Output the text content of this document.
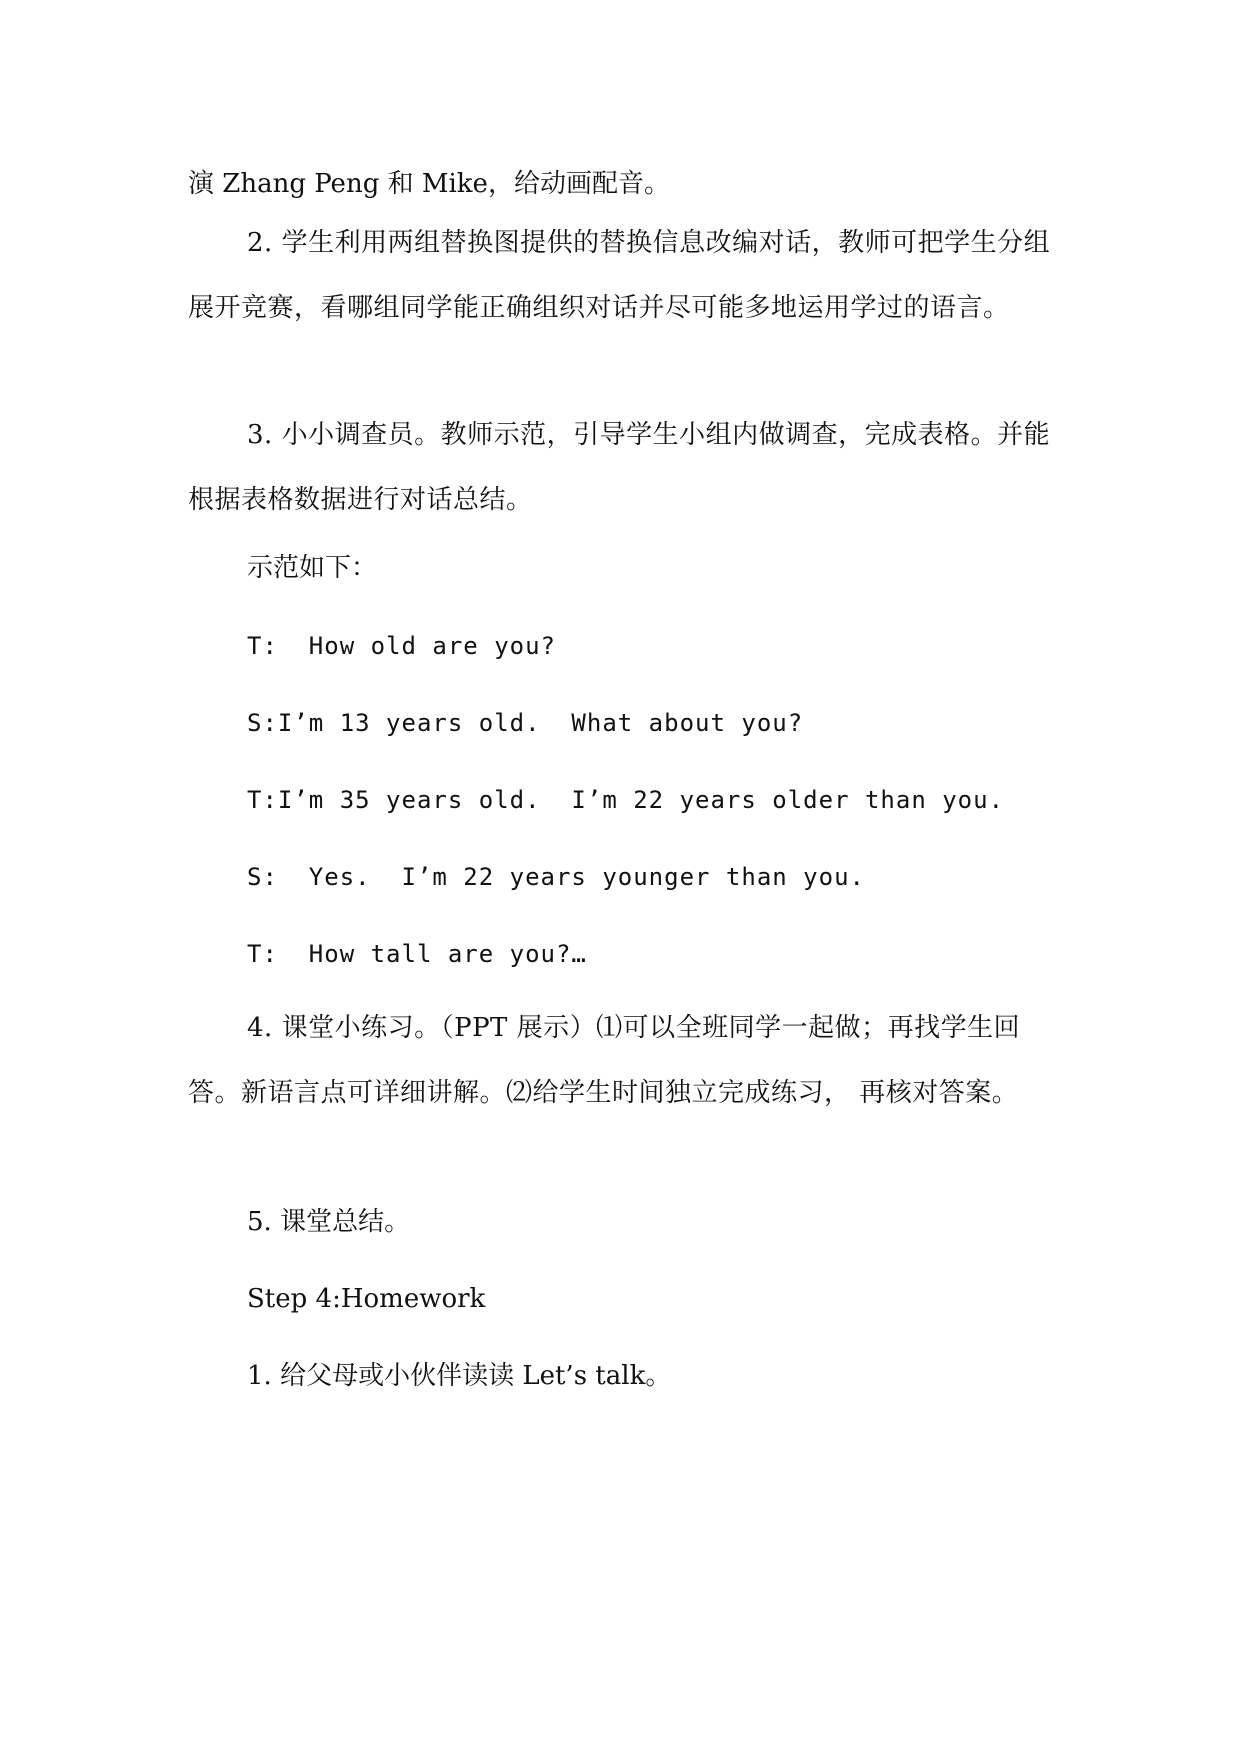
演 Zhang Peng 和 Mike，给动画配音。

2. 学生利用两组替换图提供的替换信息改编对话，教师可把学生分组展开竞赛，看哪组同学能正确组织对话并尽可能多地运用学过的语言。

3. 小小调查员。教师示范，引导学生小组内做调查，完成表格。并能根据表格数据进行对话总结。

示范如下：

T:  How old are you?

S:I’m 13 years old.  What about you?

T:I’m 35 years old.  I’m 22 years older than you.

S:  Yes.  I’m 22 years younger than you.

T:  How tall are you?…

4. 课堂小练习。（PPT 展示）⑴可以全班同学一起做；再找学生回答。新语言点可详细讲解。⑵给学生时间独立完成练习， 再核对答案。

5. 课堂总结。

Step 4:Homework

1. 给父母或小伙伴读读 Let’s talk。
